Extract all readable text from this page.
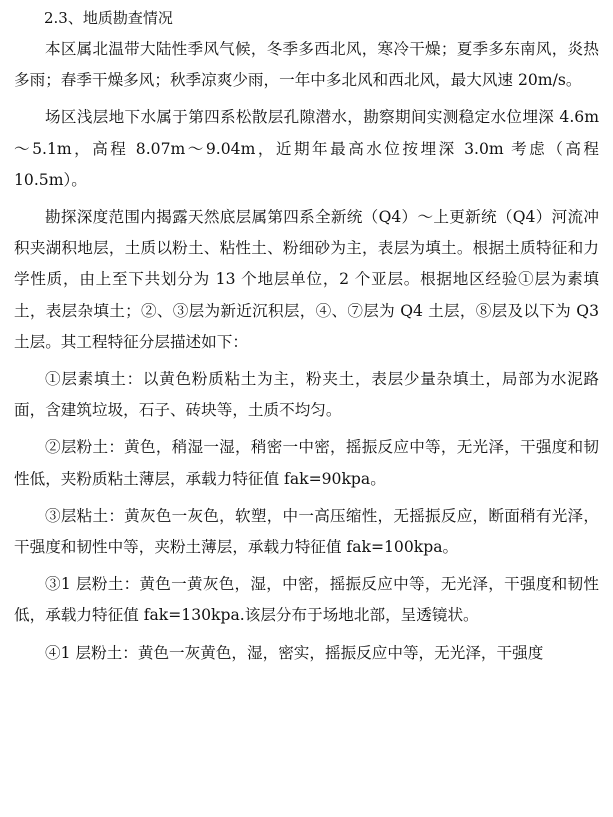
2.3、地质勘查情况

本区属北温带大陆性季风气候，冬季多西北风，寒冷干燥；夏季多东南风，炎热多雨；春季干燥多风；秋季凉爽少雨，一年中多北风和西北风，最大风速 20m/s。

场区浅层地下水属于第四系松散层孔隙潜水，勘察期间实测稳定水位埋深 4.6m～5.1m，高程 8.07m～9.04m，近期年最高水位按埋深 3.0m 考虑（高程 10.5m）。

勘探深度范围内揭露天然底层属第四系全新统（Q4）～上更新统（Q4）河流冲积夹湖积地层，土质以粉土、粘性土、粉细砂为主，表层为填土。根据土质特征和力学性质，由上至下共划分为 13 个地层单位，2 个亚层。根据地区经验①层为素填土，表层杂填土；②、③层为新近沉积层，④、⑦层为 Q4 土层，⑧层及以下为 Q3 土层。其工程特征分层描述如下：

①层素填土：以黄色粉质粘土为主，粉夹土，表层少量杂填土，局部为水泥路面，含建筑垃圾，石子、砖块等，土质不均匀。

②层粉土：黄色，稍湿一湿，稍密一中密，摇振反应中等，无光泽，干强度和韧性低，夹粉质粘土薄层，承载力特征值 fak=90kpa。

③层粘土：黄灰色一灰色，软塑，中一高压缩性，无摇振反应，断面稍有光泽，干强度和韧性中等，夹粉土薄层，承载力特征值 fak=100kpa。

③1 层粉土：黄色一黄灰色，湿，中密，摇振反应中等，无光泽，干强度和韧性低，承载力特征值 fak=130kpa.该层分布于场地北部，呈透镜状。

④1 层粉土：黄色一灰黄色，湿，密实，摇振反应中等，无光泽，干强度
